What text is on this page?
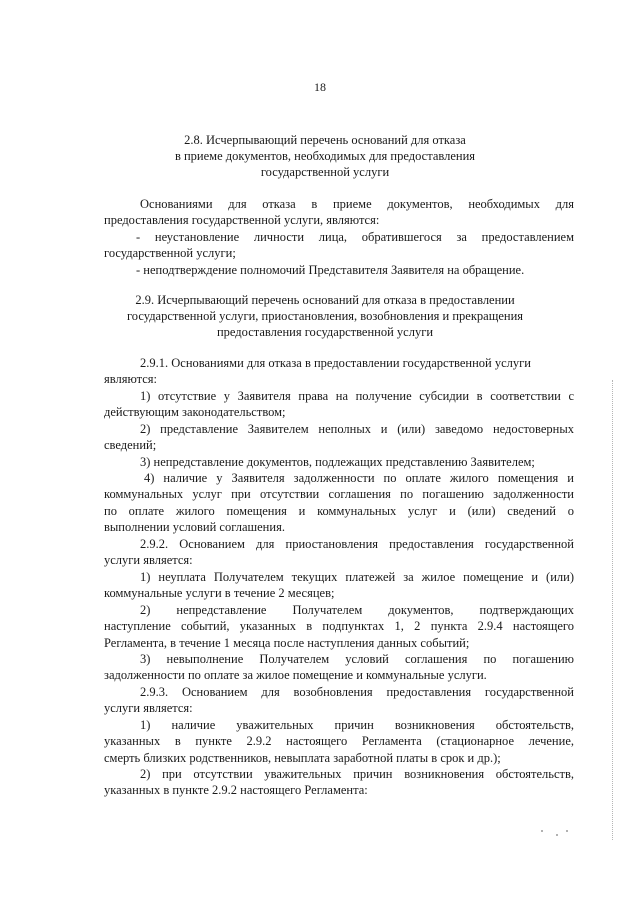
18
2.8. Исчерпывающий перечень оснований для отказа
в приеме документов, необходимых для предоставления
государственной услуги
Основаниями для отказа в приеме документов, необходимых для
предоставления государственной услуги, являются:
- неустановление личности лица, обратившегося за предоставлением
государственной услуги;
- неподтверждение полномочий Представителя Заявителя на обращение.
2.9. Исчерпывающий перечень оснований для отказа в предоставлении
государственной услуги, приостановления, возобновления и прекращения
предоставления государственной услуги
2.9.1. Основаниями для отказа в предоставлении государственной услуги
являются:
1) отсутствие у Заявителя права на получение субсидии в соответствии с
действующим законодательством;
2) представление Заявителем неполных и (или) заведомо недостоверных
сведений;
3) непредставление документов, подлежащих представлению Заявителем;
4) наличие у Заявителя задолженности по оплате жилого помещения и
коммунальных услуг при отсутствии соглашения по погашению задолженности
по оплате жилого помещения и коммунальных услуг и (или) сведений о
выполнении условий соглашения.
2.9.2. Основанием для приостановления предоставления государственной
услуги является:
1) неуплата Получателем текущих платежей за жилое помещение и (или)
коммунальные услуги в течение 2 месяцев;
2) непредставление Получателем документов, подтверждающих
наступление событий, указанных в подпунктах 1, 2 пункта 2.9.4 настоящего
Регламента, в течение 1 месяца после наступления данных событий;
3) невыполнение Получателем условий соглашения по погашению
задолженности по оплате за жилое помещение и коммунальные услуги.
2.9.3. Основанием для возобновления предоставления государственной
услуги является:
1) наличие уважительных причин возникновения обстоятельств,
указанных в пункте 2.9.2 настоящего Регламента (стационарное лечение,
смерть близких родственников, невыплата заработной платы в срок и др.);
2) при отсутствии уважительных причин возникновения обстоятельств,
указанных в пункте 2.9.2 настоящего Регламента:
